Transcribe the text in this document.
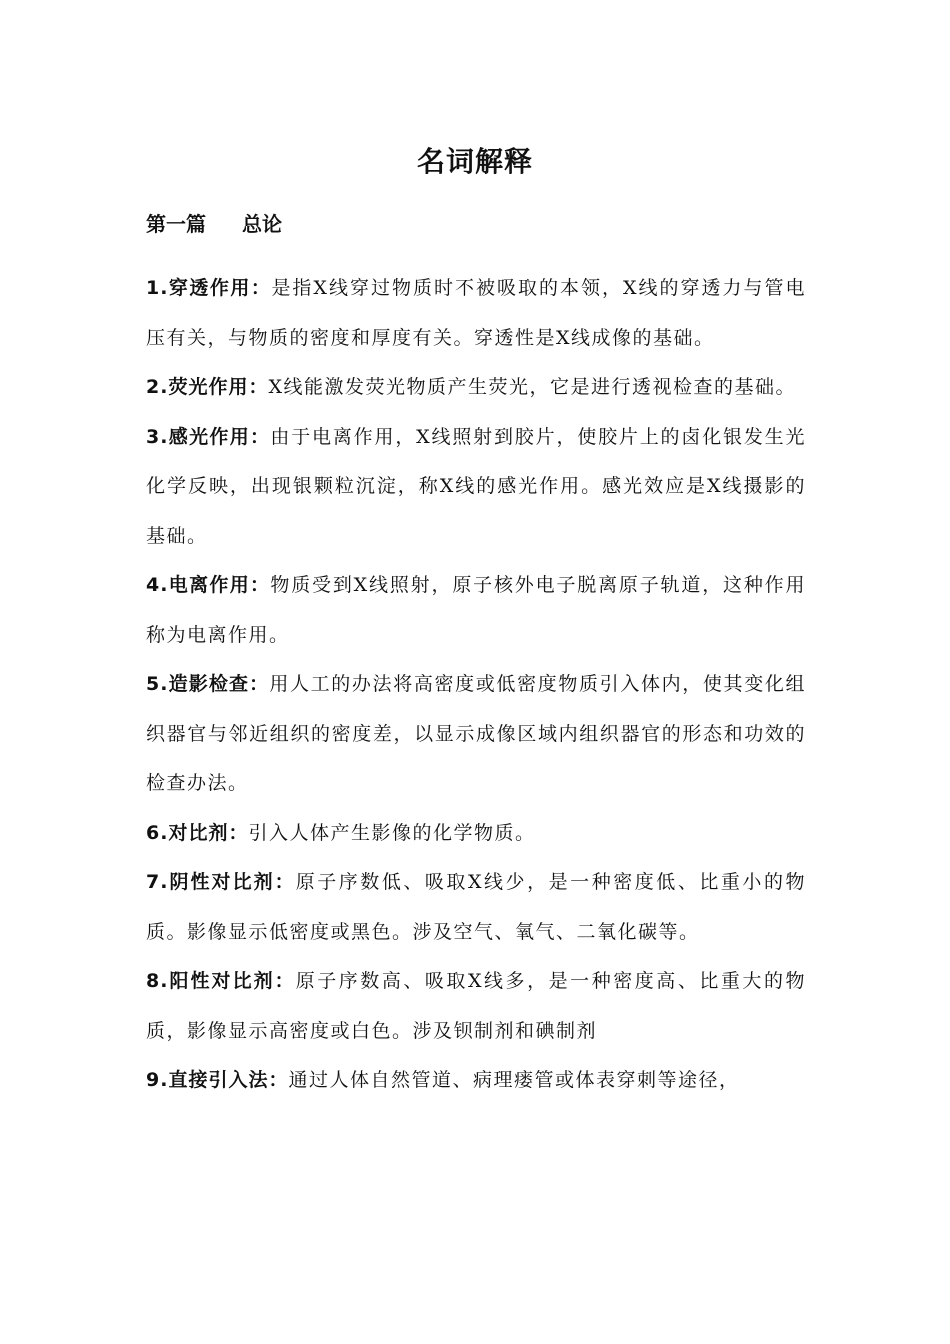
名词解释
第一篇 总论
1.穿透作用：是指X线穿过物质时不被吸取的本领，X线的穿透力与管电压有关，与物质的密度和厚度有关。穿透性是X线成像的基础。
2.荧光作用：X线能激发荧光物质产生荧光，它是进行透视检查的基础。
3.感光作用：由于电离作用，X线照射到胶片，使胶片上的卤化银发生光化学反映，出现银颗粒沉淀，称X线的感光作用。感光效应是X线摄影的基础。
4.电离作用：物质受到X线照射，原子核外电子脱离原子轨道，这种作用称为电离作用。
5.造影检查：用人工的办法将高密度或低密度物质引入体内，使其变化组织器官与邻近组织的密度差，以显示成像区域内组织器官的形态和功效的检查办法。
6.对比剂：引入人体产生影像的化学物质。
7.阴性对比剂：原子序数低、吸取X线少，是一种密度低、比重小的物质。影像显示低密度或黑色。涉及空气、氧气、二氧化碳等。
8.阳性对比剂：原子序数高、吸取X线多，是一种密度高、比重大的物质，影像显示高密度或白色。涉及钡制剂和碘制剂
9.直接引入法：通过人体自然管道、病理瘘管或体表穿刺等途径，
